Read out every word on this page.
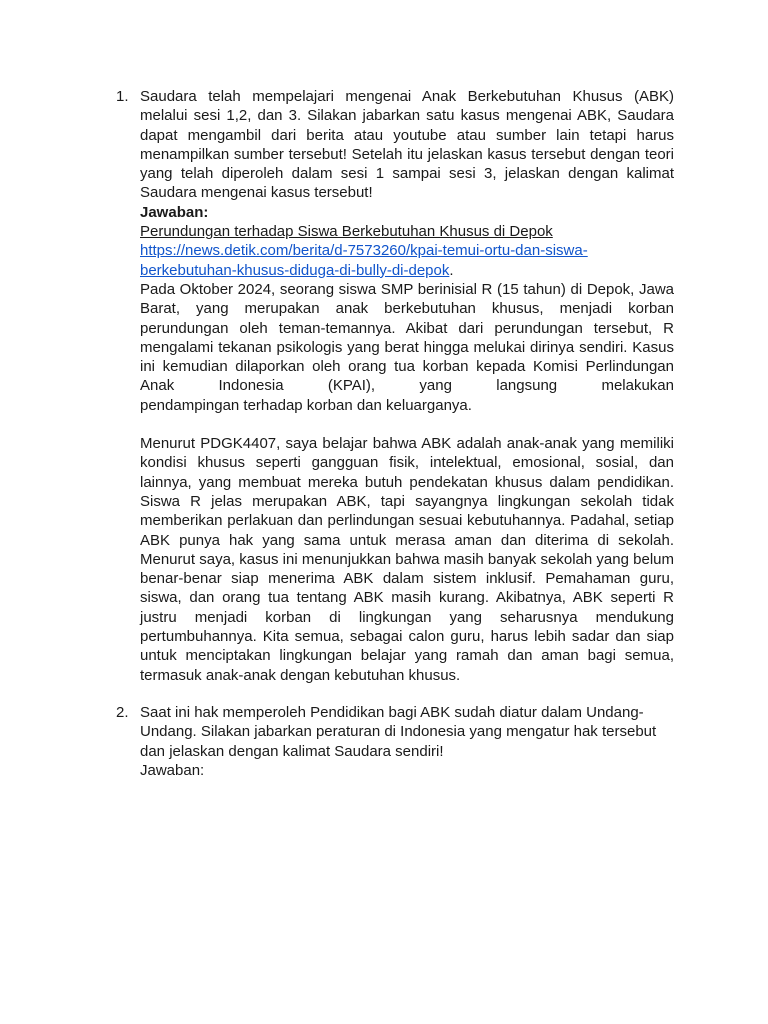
1. Saudara telah mempelajari mengenai Anak Berkebutuhan Khusus (ABK) melalui sesi 1,2, dan 3. Silakan jabarkan satu kasus mengenai ABK, Saudara dapat mengambil dari berita atau youtube atau sumber lain tetapi harus menampilkan sumber tersebut! Setelah itu jelaskan kasus tersebut dengan teori yang telah diperoleh dalam sesi 1 sampai sesi 3, jelaskan dengan kalimat Saudara mengenai kasus tersebut!

Jawaban:
Perundungan terhadap Siswa Berkebutuhan Khusus di Depok
https://news.detik.com/berita/d-7573260/kpai-temui-ortu-dan-siswa-
berkebutuhan-khusus-diduga-di-bully-di-depok.

Pada Oktober 2024, seorang siswa SMP berinisial R (15 tahun) di Depok, Jawa Barat, yang merupakan anak berkebutuhan khusus, menjadi korban perundungan oleh teman-temannya. Akibat dari perundungan tersebut, R mengalami tekanan psikologis yang berat hingga melukai dirinya sendiri. Kasus ini kemudian dilaporkan oleh orang tua korban kepada Komisi Perlindungan Anak Indonesia (KPAI), yang langsung melakukan

pendampingan terhadap korban dan keluarganya.

Menurut PDGK4407, saya belajar bahwa ABK adalah anak-anak yang memiliki kondisi khusus seperti gangguan fisik, intelektual, emosional, sosial, dan lainnya, yang membuat mereka butuh pendekatan khusus dalam pendidikan. Siswa R jelas merupakan ABK, tapi sayangnya lingkungan sekolah tidak memberikan perlakuan dan perlindungan sesuai kebutuhannya. Padahal, setiap ABK punya hak yang sama untuk merasa aman dan diterima di sekolah. Menurut saya, kasus ini menunjukkan bahwa masih banyak sekolah yang belum benar-benar siap menerima ABK dalam sistem inklusif. Pemahaman guru, siswa, dan orang tua tentang ABK masih kurang. Akibatnya, ABK seperti R justru menjadi korban di lingkungan yang seharusnya mendukung pertumbuhannya. Kita semua, sebagai calon guru, harus lebih sadar dan siap untuk menciptakan lingkungan belajar yang ramah dan aman bagi semua, termasuk anak-anak dengan kebutuhan khusus.

2. Saat ini hak memperoleh Pendidikan bagi ABK sudah diatur dalam Undang-Undang. Silakan jabarkan peraturan di Indonesia yang mengatur hak tersebut dan jelaskan dengan kalimat Saudara sendiri!

Jawaban:
